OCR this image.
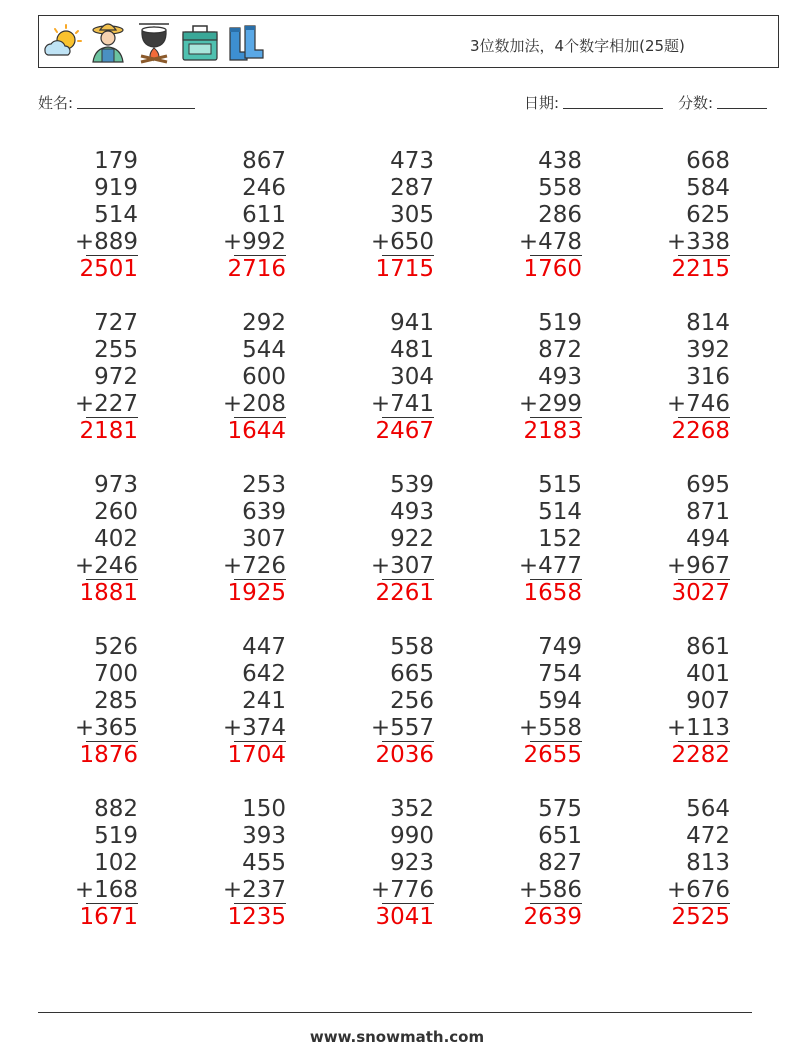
3位数加法，4个数字相加(25题)
姓名:	日期:	分数:
179
919
514
+889
2501
867
246
611
+992
2716
473
287
305
+650
1715
438
558
286
+478
1760
668
584
625
+338
2215
727
255
972
+227
2181
292
544
600
+208
1644
941
481
304
+741
2467
519
872
493
+299
2183
814
392
316
+746
2268
973
260
402
+246
1881
253
639
307
+726
1925
539
493
922
+307
2261
515
514
152
+477
1658
695
871
494
+967
3027
526
700
285
+365
1876
447
642
241
+374
1704
558
665
256
+557
2036
749
754
594
+558
2655
861
401
907
+113
2282
882
519
102
+168
1671
150
393
455
+237
1235
352
990
923
+776
3041
575
651
827
+586
2639
564
472
813
+676
2525
www.snowmath.com
